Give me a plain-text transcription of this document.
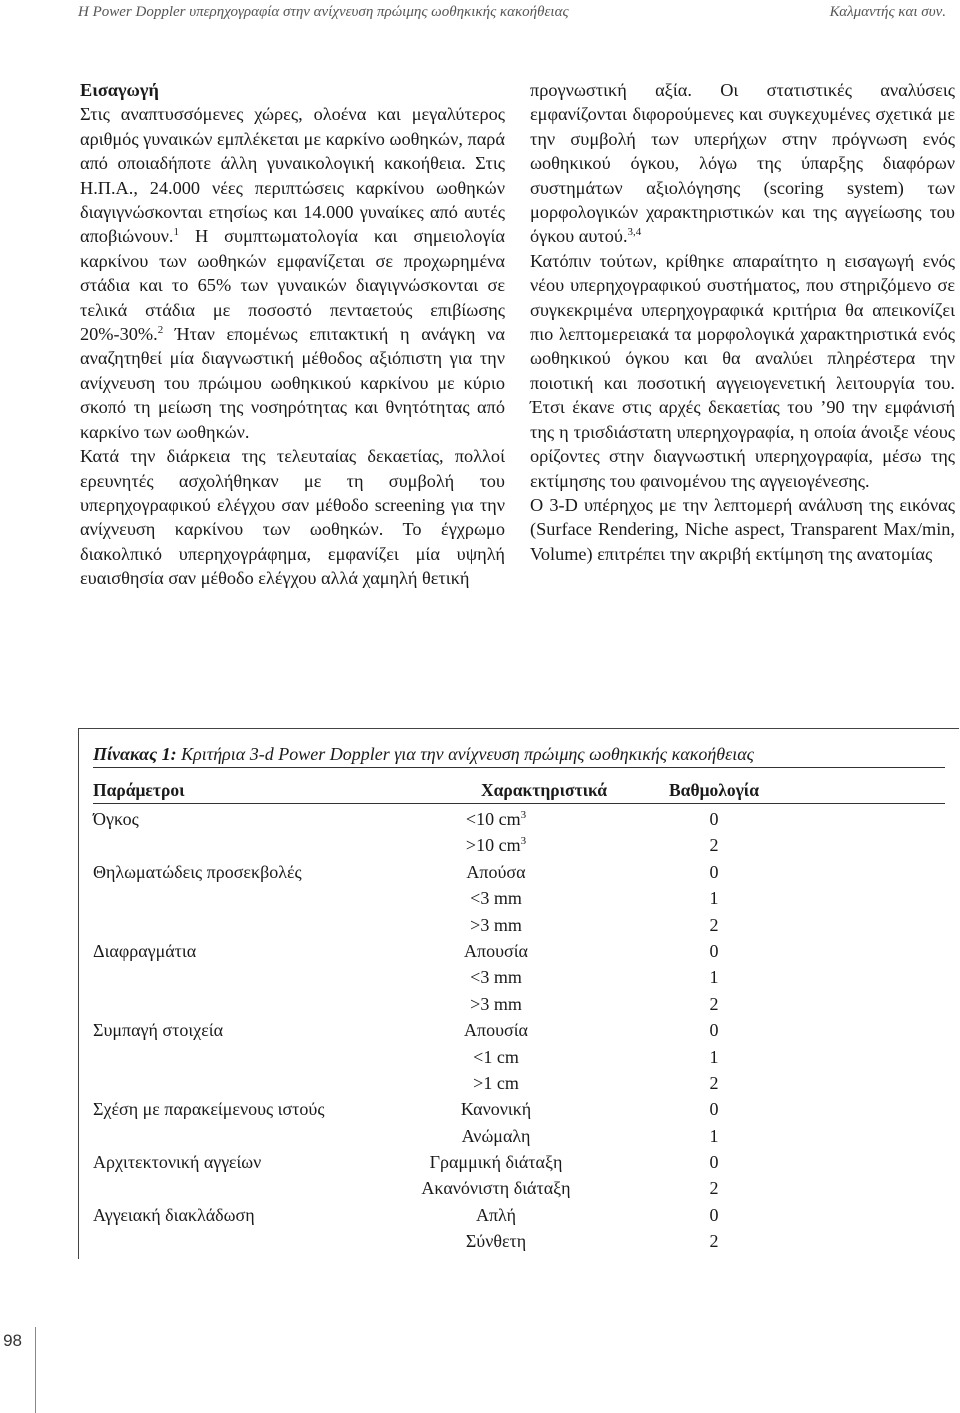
Η Power Doppler υπερηχογραφία στην ανίχνευση πρώιμης ωοθηκικής κακοήθειας	Καλμαντής και συν.

Εισαγωγή

Στις αναπτυσσόμενες χώρες, ολοένα και μεγαλύτερος αριθμός γυναικών εμπλέκεται με καρκίνο ωοθηκών, παρά από οποιαδήποτε άλλη γυναικολογική κακοήθεια. Στις Η.Π.Α., 24.000 νέες περιπτώσεις καρκίνου ωοθηκών διαγιγνώσκονται ετησίως και 14.000 γυναίκες από αυτές αποβιώνουν.$^1$ Η συμπτωματολογία και σημειολογία καρκίνου των ωοθηκών εμφανίζεται σε προχωρημένα στάδια και το 65% των γυναικών διαγιγνώσκονται σε τελικά στάδια με ποσοστό πενταετούς επιβίωσης 20%-30%.$^2$ Ήταν επομένως επιτακτική η ανάγκη να αναζητηθεί μία διαγνωστική μέθοδος αξιόπιστη για την ανίχνευση του πρώιμου ωοθηκικού καρκίνου με κύριο σκοπό τη μείωση της νοσηρότητας και θνητότητας από καρκίνο των ωοθηκών.

Κατά την διάρκεια της τελευταίας δεκαετίας, πολλοί ερευνητές ασχολήθηκαν με τη συμβολή του υπερηχογραφικού ελέγχου σαν μέθοδο screening για την ανίχνευση καρκίνου των ωοθηκών. Το έγχρωμο διακολπικό υπερηχογράφημα, εμφανίζει μία υψηλή ευαισθησία σαν μέθοδο ελέγχου αλλά χαμηλή θετική

προγνωστική αξία. Οι στατιστικές αναλύσεις εμφανίζονται διφορούμενες και συγκεχυμένες σχετικά με την συμβολή των υπερήχων στην πρόγνωση ενός ωοθηκικού όγκου, λόγω της ύπαρξης διαφόρων συστημάτων αξιολόγησης (scoring system) των μορφολογικών χαρακτηριστικών και της αγγείωσης του όγκου αυτού.$^{3,4}$

Κατόπιν τούτων, κρίθηκε απαραίτητο η εισαγωγή ενός νέου υπερηχογραφικού συστήματος, που στηριζόμενο σε συγκεκριμένα υπερηχογραφικά κριτήρια θα απεικονίζει πιο λεπτομερειακά τα μορφολογικά χαρακτηριστικά ενός ωοθηκικού όγκου και θα αναλύει πληρέστερα την ποιοτική και ποσοτική αγγειογενετική λειτουργία του. Έτσι έκανε στις αρχές δεκαετίας του ’90 την εμφάνισή της η τρισδιάστατη υπερηχογραφία, η οποία άνοιξε νέους ορίζοντες στην διαγνωστική υπερηχογραφία, μέσω της εκτίμησης του φαινομένου της αγγειογένεσης.

Ο 3-D υπέρηχος με την λεπτομερή ανάλυση της εικόνας (Surface Rendering, Niche aspect, Transparent Max/min, Volume) επιτρέπει την ακριβή εκτίμηση της ανατομίας

Πίνακας 1: Κριτήρια 3-d Power Doppler για την ανίχνευση πρώιμης ωοθηκικής κακοήθειας
Παράμετροι	Χαρακτηριστικά	Βαθμολογία
Όγκος	<10 $cm^3$	0
>10 $cm^3$	2
Θηλωματώδεις προσεκβολές	Απούσα	0
<3 mm	1
>3 mm	2
Διαφραγμάτια	Απουσία	0
<3 mm	1
>3 mm	2
Συμπαγή στοιχεία	Απουσία	0
<1 cm	1
>1 cm	2
Σχέση με παρακείμενους ιστούς	Κανονική	0
Ανώμαλη	1
Αρχιτεκτονική αγγείων	Γραμμική διάταξη	0
Ακανόνιστη διάταξη	2
Αγγειακή διακλάδωση	Απλή	0
Σύνθετη	2
98
